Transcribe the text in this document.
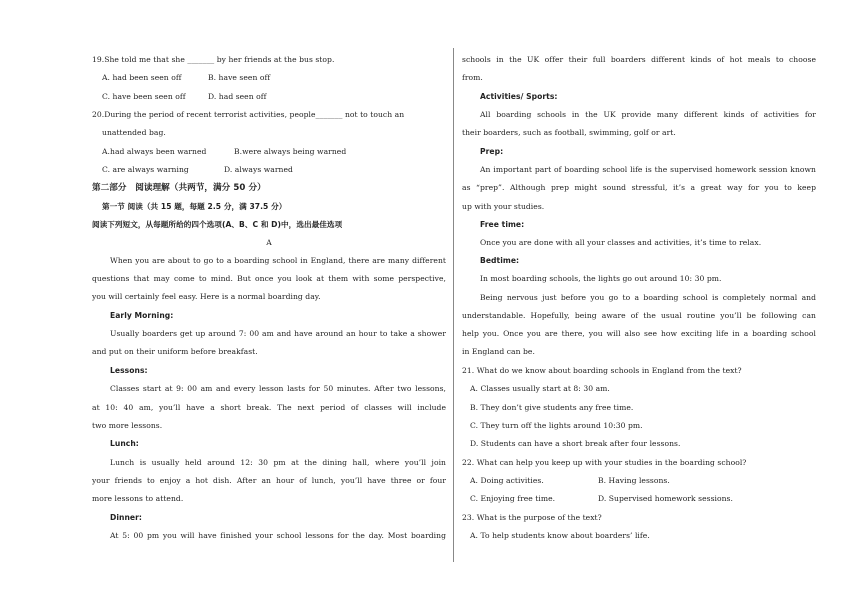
19.She told me that she _______ by her friends at the bus stop.
A. had been seen off	B. have seen off
C. have been seen off	D. had seen off
20.During the period of recent terrorist activities, people_______ not to touch an
unattended bag.
A.had always been warned	B.were always being warned
C. are always warning	D. always warned
第二部分　阅读理解（共两节，满分 50 分）
第一节 阅读（共 15 题，每题 2.5 分，满 37.5 分）
阅读下列短文，从每题所给的四个选项(A、B、C 和 D)中，选出最佳选项
A
When you are about to go to a boarding school in England, there are many different
questions that may come to mind. But once you look at them with some perspective,
you will certainly feel easy. Here is a normal boarding day.
Early Morning:
Usually boarders get up around 7: 00 am and have around an hour to take a shower
and put on their uniform before breakfast.
Lessons:
Classes start at 9: 00 am and every lesson lasts for 50 minutes. After two lessons,
at 10: 40 am, you’ll have a short break. The next period of classes will include
two more lessons.
Lunch:
Lunch is usually held around 12: 30 pm at the dining hall, where you’ll join
your friends to enjoy a hot dish. After an hour of lunch, you’ll have three or four
more lessons to attend.
Dinner:
At 5: 00 pm you will have finished your school lessons for the day. Most boarding
schools in the UK offer their full boarders different kinds of hot meals to choose
from.
Activities/ Sports:
All boarding schools in the UK provide many different kinds of activities for
their boarders, such as football, swimming, golf or art.
Prep:
An important part of boarding school life is the supervised homework session known
as “prep”. Although prep might sound stressful, it’s a great way for you to keep
up with your studies.
Free time:
Once you are done with all your classes and activities, it’s time to relax.
Bedtime:
In most boarding schools, the lights go out around 10: 30 pm.
Being nervous just before you go to a boarding school is completely normal and
understandable. Hopefully, being aware of the usual routine you’ll be following can
help you. Once you are there, you will also see how exciting life in a boarding school
in England can be.
21. What do we know about boarding schools in England from the text?
A. Classes usually start at 8: 30 am.
B. They don’t give students any free time.
C. They turn off the lights around 10:30 pm.
D. Students can have a short break after four lessons.
22. What can help you keep up with your studies in the boarding school?
A. Doing activities.	B. Having lessons.
C. Enjoying free time.	D. Supervised homework sessions.
23. What is the purpose of the text?
A. To help students know about boarders’ life.
